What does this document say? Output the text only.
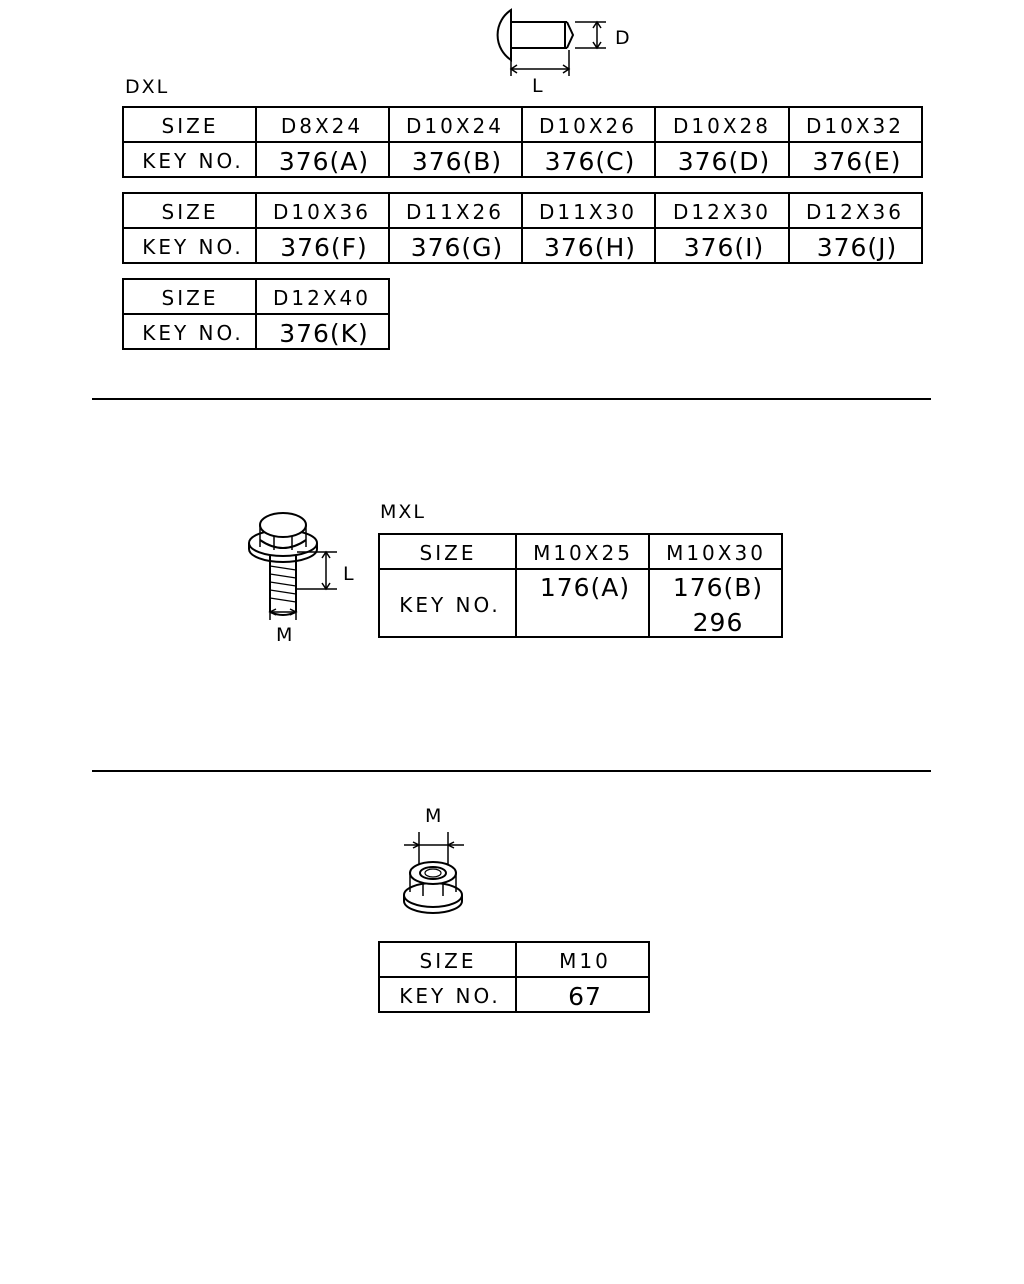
D
L
DXL
SIZE
KEY NO.
D8X24 D10X24 D10X26 D10X28 D10X32
376(A) 376(B) 376(C) 376(D) 376(E)
SIZE
KEY NO.
D10X36 D11X26 D11X30 D12X30 D12X36
376(F) 376(G) 376(H) 376(I) 376(J)
SIZE
KEY NO.
D12X40
376(K)
L
M
MXL
SIZE
KEY NO.
M10X25 M10X30
176(A) 176(B)
296
M
SIZE
KEY NO.
M10
67
